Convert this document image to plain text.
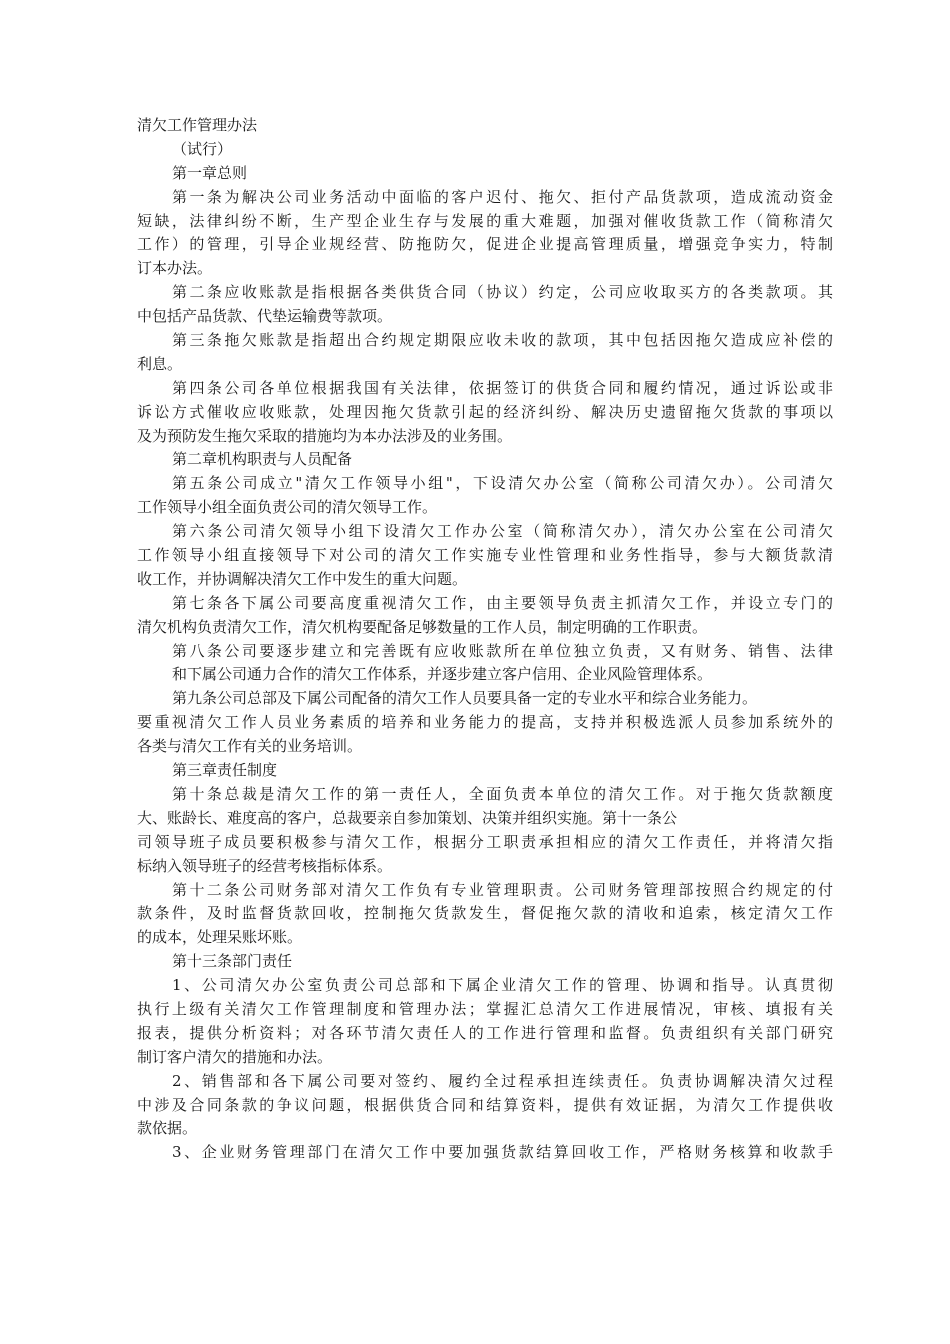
清欠工作管理办法
（试行）
第一章总则
第一条为解决公司业务活动中面临的客户迟付、拖欠、拒付产品货款项，造成流动资金
短缺，法律纠纷不断，生产型企业生存与发展的重大难题，加强对催收货款工作（简称清欠
工作）的管理，引导企业规经营、防拖防欠，促进企业提高管理质量，增强竞争实力，特制
订本办法。
第二条应收账款是指根据各类供货合同（协议）约定，公司应收取买方的各类款项。其
中包括产品货款、代垫运输费等款项。
第三条拖欠账款是指超出合约规定期限应收未收的款项，其中包括因拖欠造成应补偿的
利息。
第四条公司各单位根据我国有关法律，依据签订的供货合同和履约情况，通过诉讼或非
诉讼方式催收应收账款，处理因拖欠货款引起的经济纠纷、解决历史遗留拖欠货款的事项以
及为预防发生拖欠采取的措施均为本办法涉及的业务围。
第二章机构职责与人员配备
第五条公司成立"清欠工作领导小组"，下设清欠办公室（简称公司清欠办）。公司清欠
工作领导小组全面负责公司的清欠领导工作。
第六条公司清欠领导小组下设清欠工作办公室（简称清欠办），清欠办公室在公司清欠
工作领导小组直接领导下对公司的清欠工作实施专业性管理和业务性指导，参与大额货款清
收工作，并协调解决清欠工作中发生的重大问题。
第七条各下属公司要高度重视清欠工作，由主要领导负责主抓清欠工作，并设立专门的
清欠机构负责清欠工作，清欠机构要配备足够数量的工作人员，制定明确的工作职责。
第八条公司要逐步建立和完善既有应收账款所在单位独立负责，又有财务、销售、法律
和下属公司通力合作的清欠工作体系，并逐步建立客户信用、企业风险管理体系。
第九条公司总部及下属公司配备的清欠工作人员要具备一定的专业水平和综合业务能力。
要重视清欠工作人员业务素质的培养和业务能力的提高，支持并积极选派人员参加系统外的
各类与清欠工作有关的业务培训。
第三章责任制度
第十条总裁是清欠工作的第一责任人，全面负责本单位的清欠工作。对于拖欠货款额度
大、账龄长、难度高的客户，总裁要亲自参加策划、决策并组织实施。第十一条公
司领导班子成员要积极参与清欠工作，根据分工职责承担相应的清欠工作责任，并将清欠指
标纳入领导班子的经营考核指标体系。
第十二条公司财务部对清欠工作负有专业管理职责。公司财务管理部按照合约规定的付
款条件，及时监督货款回收，控制拖欠货款发生，督促拖欠款的清收和追索，核定清欠工作
的成本，处理呆账坏账。
第十三条部门责任
1、公司清欠办公室负责公司总部和下属企业清欠工作的管理、协调和指导。认真贯彻
执行上级有关清欠工作管理制度和管理办法；掌握汇总清欠工作进展情况，审核、填报有关
报表，提供分析资料；对各环节清欠责任人的工作进行管理和监督。负责组织有关部门研究
制订客户清欠的措施和办法。
2、销售部和各下属公司要对签约、履约全过程承担连续责任。负责协调解决清欠过程
中涉及合同条款的争议问题，根据供货合同和结算资料，提供有效证据，为清欠工作提供收
款依据。
3、企业财务管理部门在清欠工作中要加强货款结算回收工作，严格财务核算和收款手
